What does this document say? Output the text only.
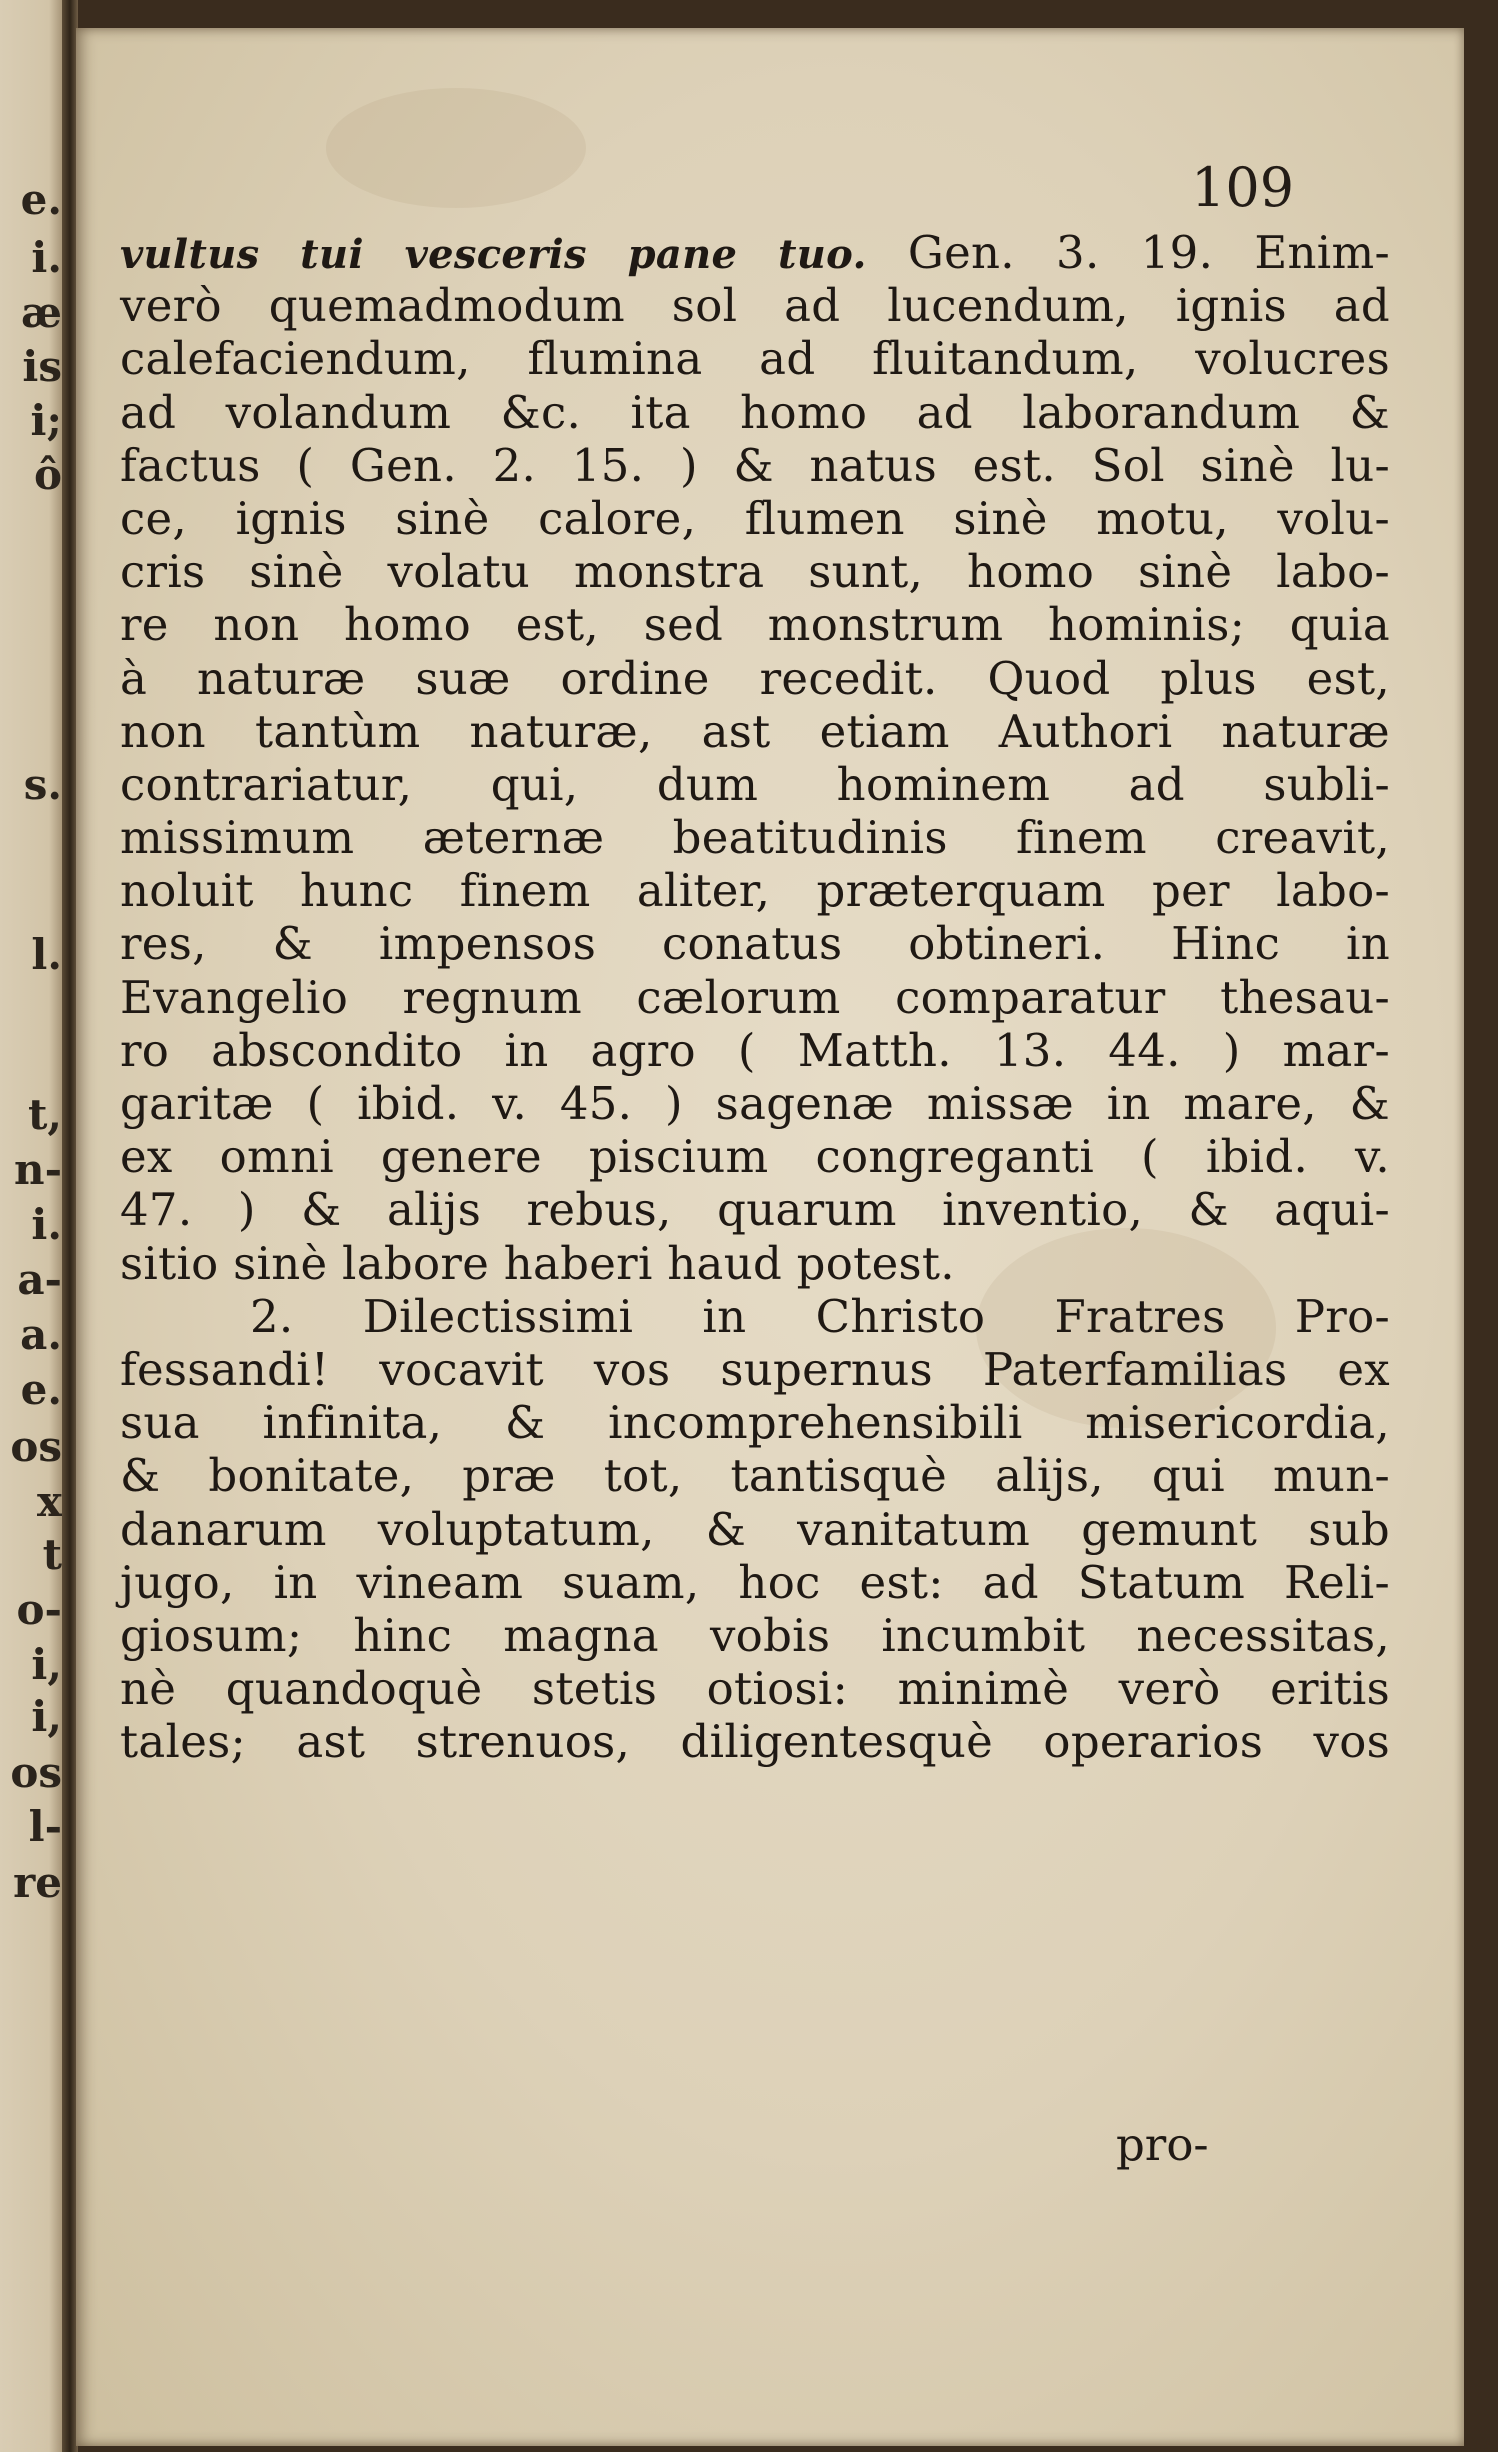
e.
i.
æ
is
i;
ô
s.
l.
t,
n-
i.
a-
a.
e.
os
x
t
o-
i,
i,
os
l-
re
109
vultus tui vesceris pane tuo. Gen. 3. 19. Enim-
verò quemadmodum sol ad lucendum, ignis ad
calefaciendum, flumina ad fluitandum, volucres
ad volandum &c. ita homo ad laborandum &
factus ( Gen. 2. 15. ) & natus est. Sol sinè lu-
ce, ignis sinè calore, flumen sinè motu, volu-
cris sinè volatu monstra sunt, homo sinè labo-
re non homo est, sed monstrum hominis; quia
à naturæ suæ ordine recedit. Quod plus est,
non tantùm naturæ, ast etiam Authori naturæ
contrariatur, qui, dum hominem ad subli-
missimum æternæ beatitudinis finem creavit,
noluit hunc finem aliter, præterquam per labo-
res, & impensos conatus obtineri. Hinc in
Evangelio regnum cælorum comparatur thesau-
ro abscondito in agro ( Matth. 13. 44. ) mar-
garitæ ( ibid. v. 45. ) sagenæ missæ in mare, &
ex omni genere piscium congreganti ( ibid. v.
47. ) & alijs rebus, quarum inventio, & aqui-
sitio sinè labore haberi haud potest.
2. Dilectissimi in Christo Fratres Pro-
fessandi! vocavit vos supernus Paterfamilias ex
sua infinita, & incomprehensibili misericordia,
& bonitate, præ tot, tantisquè alijs, qui mun-
danarum voluptatum, & vanitatum gemunt sub
jugo, in vineam suam, hoc est: ad Statum Reli-
giosum; hinc magna vobis incumbit necessitas,
nè quandoquè stetis otiosi: minimè verò eritis
tales; ast strenuos, diligentesquè operarios vos
pro-
